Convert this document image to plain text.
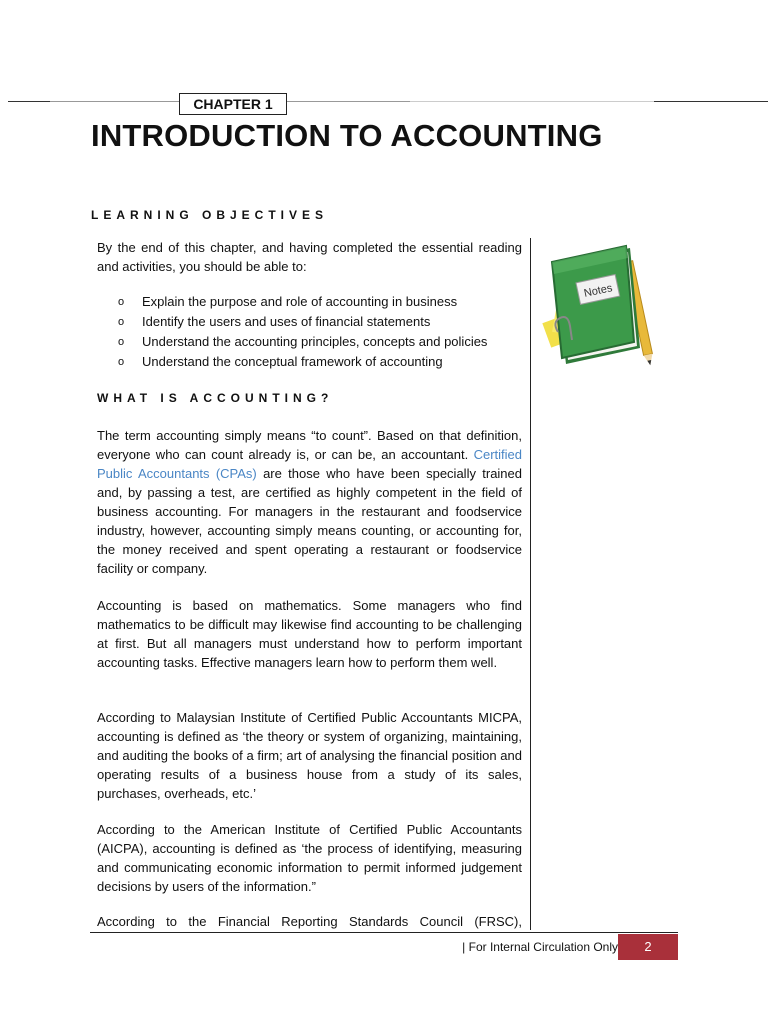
CHAPTER 1
INTRODUCTION TO ACCOUNTING
LEARNING OBJECTIVES

By the end of this chapter, and having completed the essential reading and activities, you should be able to:

o Explain the purpose and role of accounting in business
o Identify the users and uses of financial statements
o Understand the accounting principles, concepts and policies
o Understand the conceptual framework of accounting
WHAT IS ACCOUNTING?

The term accounting simply means “to count”. Based on that definition, everyone who can count already is, or can be, an accountant. Certified Public Accountants (CPAs) are those who have been specially trained and, by passing a test, are certified as highly competent in the field of business accounting. For managers in the restaurant and foodservice industry, however, accounting simply means counting, or accounting for, the money received and spent operating a restaurant or foodservice facility or company.

Accounting is based on mathematics. Some managers who find mathematics to be difficult may likewise find accounting to be challenging at first. But all managers must understand how to perform important accounting tasks. Effective managers learn how to perform them well.

According to Malaysian Institute of Certified Public Accountants MICPA, accounting is defined as ‘the theory or system of organizing, maintaining, and auditing the books of a firm; art of analysing the financial position and operating results of a business house from a study of its sales, purchases, overheads, etc.’

According to the American Institute of Certified Public Accountants (AICPA), accounting is defined as ‘the process of identifying, measuring and communicating economic information to permit informed judgement decisions by users of the information.”

According to the Financial Reporting Standards Council (FRSC),

Notes
| For Internal Circulation Only	2
